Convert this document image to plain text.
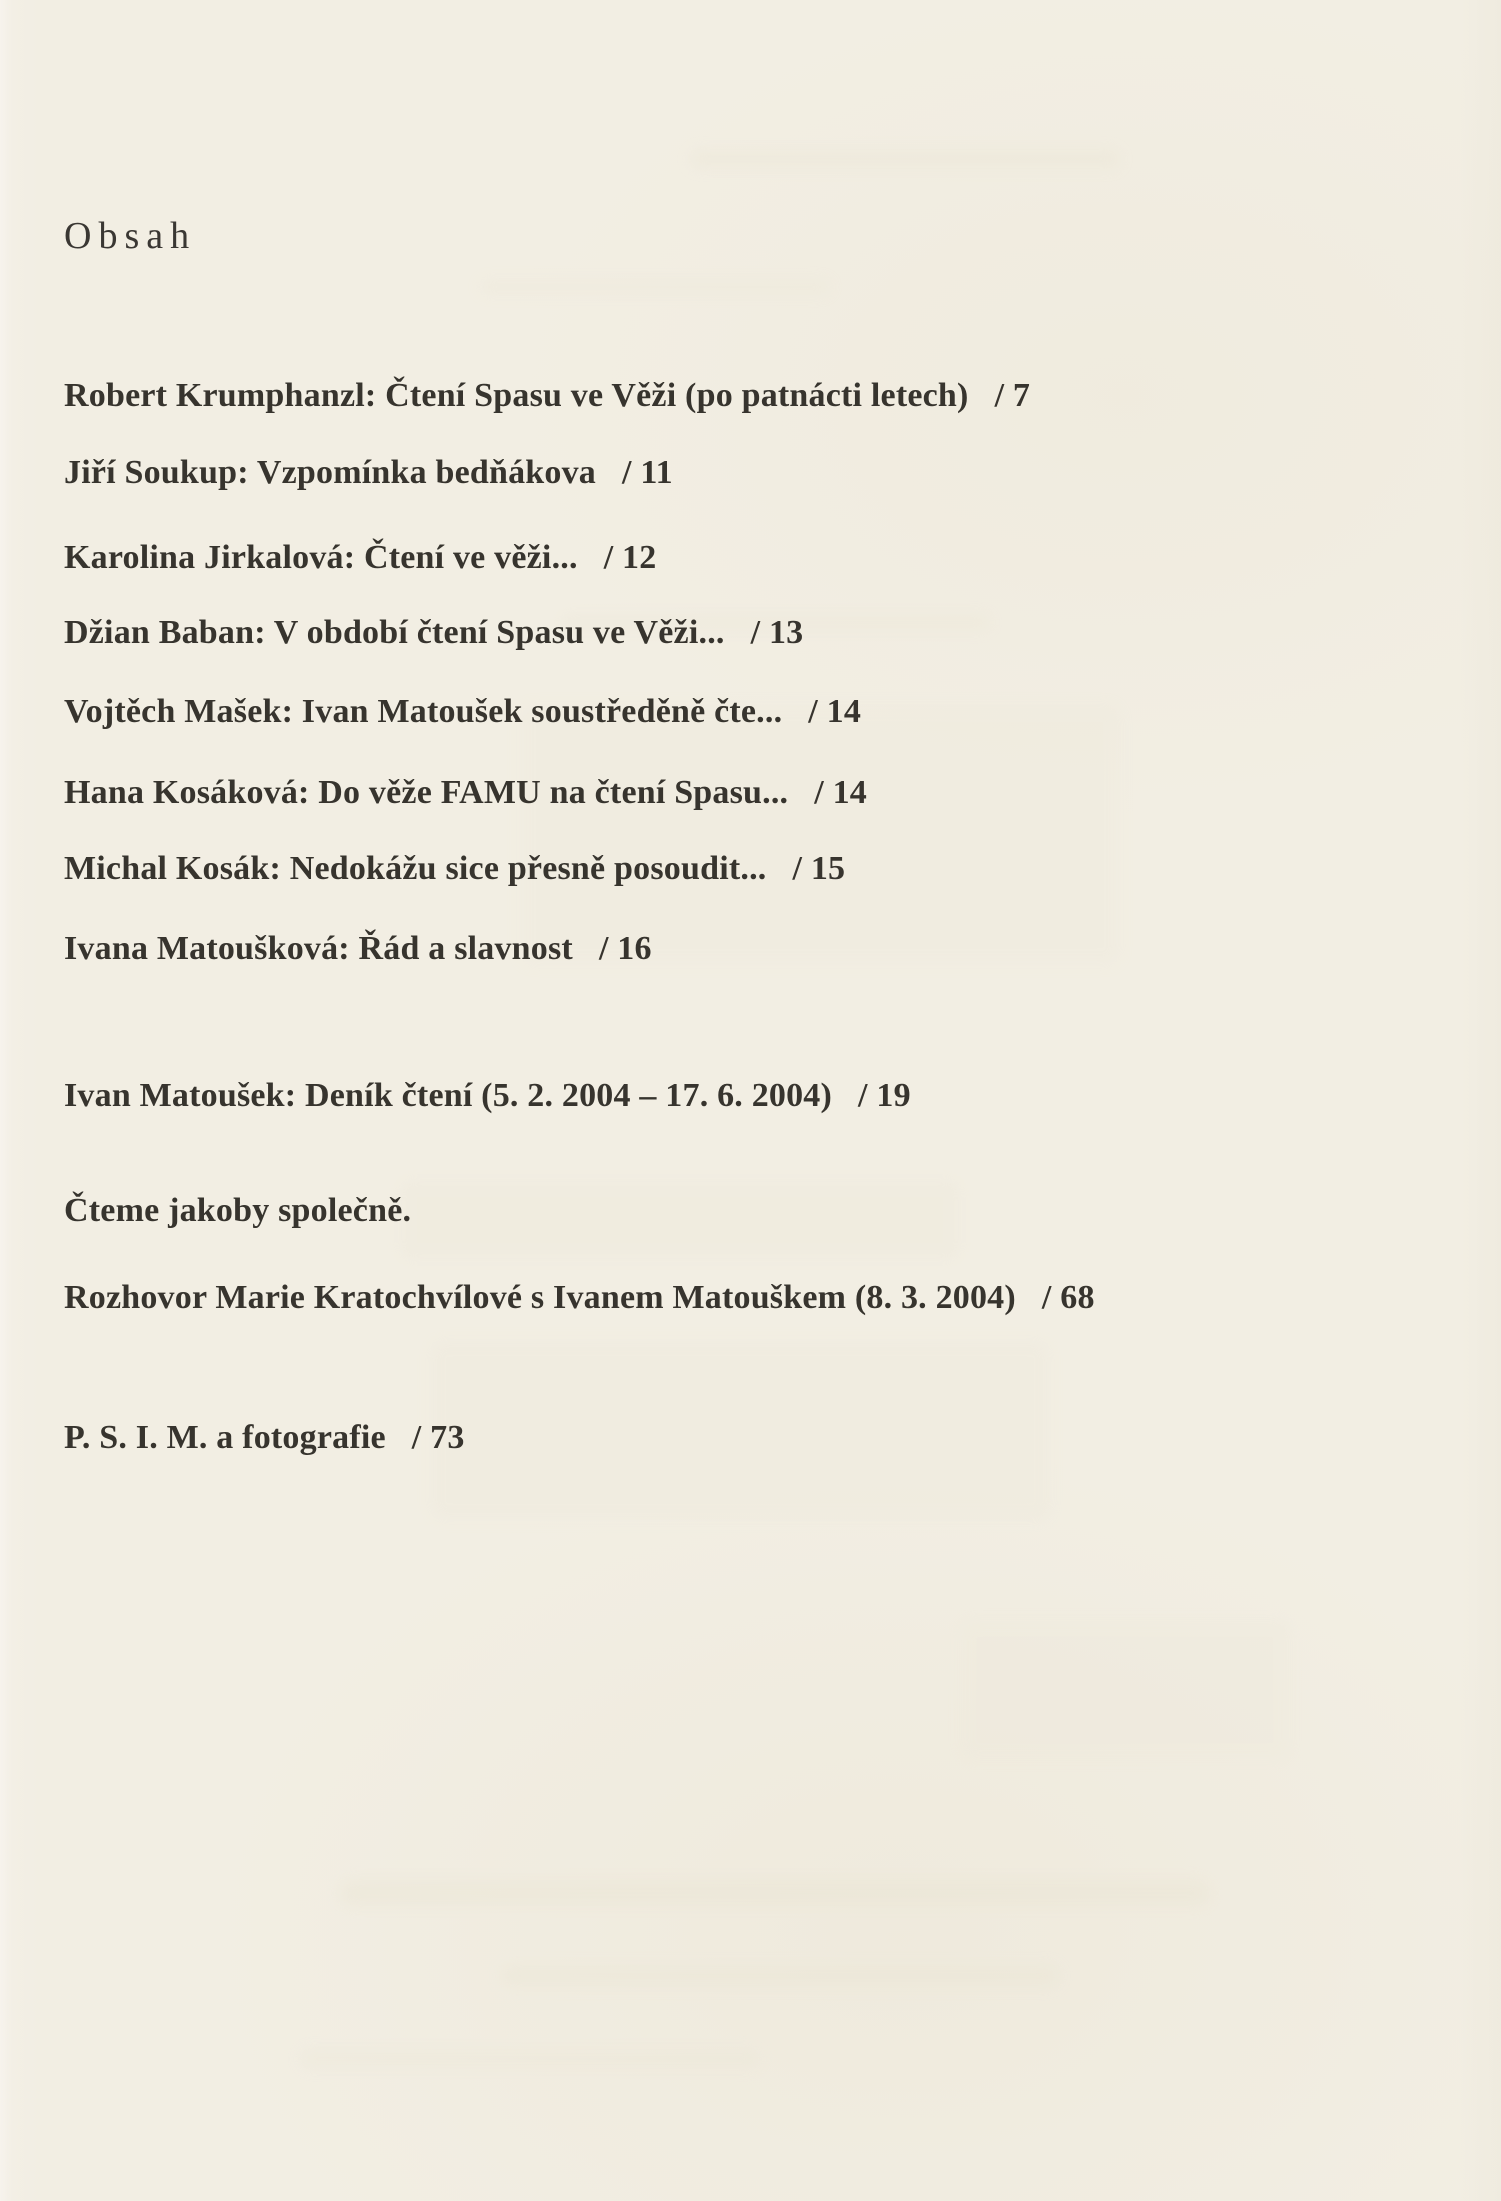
Obsah
Robert Krumphanzl: Čtení Spasu ve Věži (po patnácti letech) / 7
Jiří Soukup: Vzpomínka bedňákova / 11
Karolina Jirkalová: Čtení ve věži... / 12
Džian Baban: V období čtení Spasu ve Věži... / 13
Vojtěch Mašek: Ivan Matoušek soustředěně čte... / 14
Hana Kosáková: Do věže FAMU na čtení Spasu... / 14
Michal Kosák: Nedokážu sice přesně posoudit... / 15
Ivana Matoušková: Řád a slavnost / 16
Ivan Matoušek: Deník čtení (5. 2. 2004 – 17. 6. 2004) / 19
Čteme jakoby společně.
Rozhovor Marie Kratochvílové s Ivanem Matouškem (8. 3. 2004) / 68
P. S. I. M. a fotografie / 73
